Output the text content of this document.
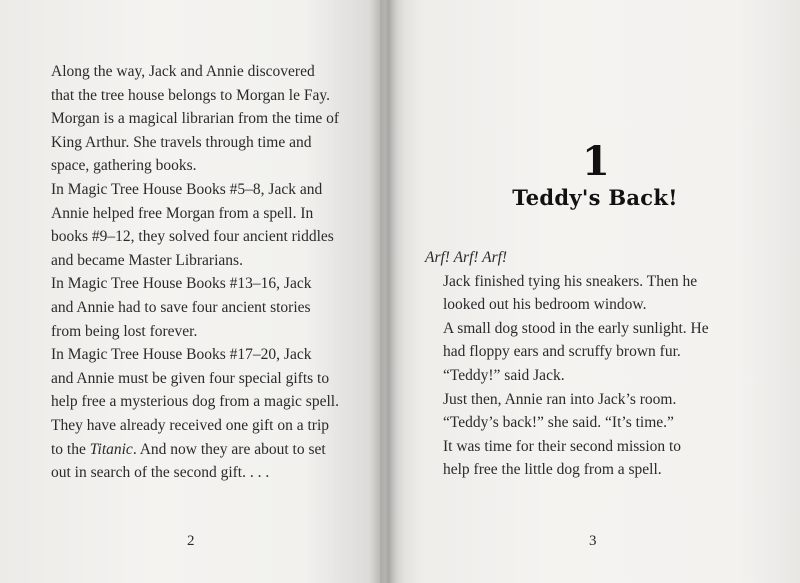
Along the way, Jack and Annie discovered
that the tree house belongs to Morgan le Fay.
Morgan is a magical librarian from the time of
King Arthur. She travels through time and
space, gathering books.

In Magic Tree House Books #5–8, Jack and
Annie helped free Morgan from a spell. In
books #9–12, they solved four ancient riddles
and became Master Librarians.

In Magic Tree House Books #13–16, Jack
and Annie had to save four ancient stories
from being lost forever.

In Magic Tree House Books #17–20, Jack
and Annie must be given four special gifts to
help free a mysterious dog from a magic spell.
They have already received one gift on a trip
to the Titanic. And now they are about to set
out in search of the second gift. . . .

2
1
Teddy's Back!

Arf! Arf! Arf!

Jack finished tying his sneakers. Then he
looked out his bedroom window.

A small dog stood in the early sunlight. He
had floppy ears and scruffy brown fur.

“Teddy!” said Jack.

Just then, Annie ran into Jack’s room.

“Teddy’s back!” she said. “It’s time.”

It was time for their second mission to
help free the little dog from a spell.

3
